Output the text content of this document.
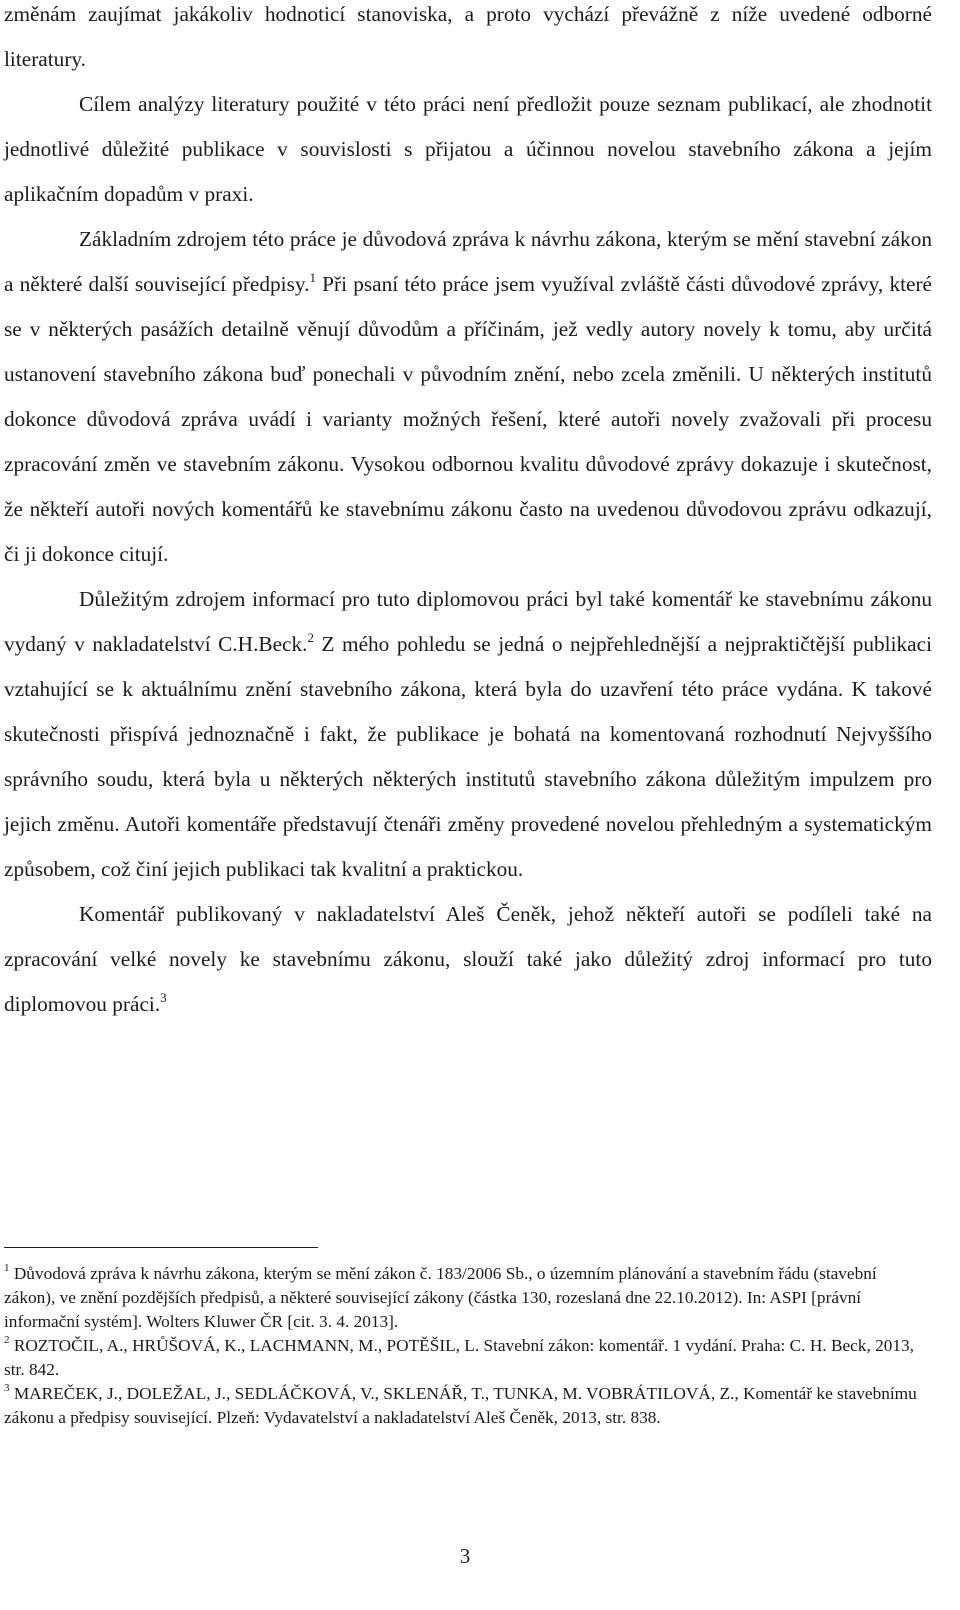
změnám zaujímat jakákoliv hodnoticí stanoviska, a proto vychází převážně z níže uvedené odborné literatury.

Cílem analýzy literatury použité v této práci není předložit pouze seznam publikací, ale zhodnotit jednotlivé důležité publikace v souvislosti s přijatou a účinnou novelou stavebního zákona a jejím aplikačním dopadům v praxi.

Základním zdrojem této práce je důvodová zpráva k návrhu zákona, kterým se mění stavební zákon a některé další související předpisy.$^1$ Při psaní této práce jsem využíval zvláště části důvodové zprávy, které se v některých pasážích detailně věnují důvodům a příčinám, jež vedly autory novely k tomu, aby určitá ustanovení stavebního zákona buď ponechali v původním znění, nebo zcela změnili. U některých institutů dokonce důvodová zpráva uvádí i varianty možných řešení, které autoři novely zvažovali při procesu zpracování změn ve stavebním zákonu. Vysokou odbornou kvalitu důvodové zprávy dokazuje i skutečnost, že někteří autoři nových komentářů ke stavebnímu zákonu často na uvedenou důvodovou zprávu odkazují, či ji dokonce citují.

Důležitým zdrojem informací pro tuto diplomovou práci byl také komentář ke stavebnímu zákonu vydaný v nakladatelství C.H.Beck.$^2$ Z mého pohledu se jedná o nejpřehlednější a nejpraktičtější publikaci vztahující se k aktuálnímu znění stavebního zákona, která byla do uzavření této práce vydána. K takové skutečnosti přispívá jednoznačně i fakt, že publikace je bohatá na komentovaná rozhodnutí Nejvyššího správního soudu, která byla u některých některých institutů stavebního zákona důležitým impulzem pro jejich změnu. Autoři komentáře představují čtenáři změny provedené novelou přehledným a systematickým způsobem, což činí jejich publikaci tak kvalitní a praktickou.

Komentář publikovaný v nakladatelství Aleš Čeněk, jehož někteří autoři se podíleli také na zpracování velké novely ke stavebnímu zákonu, slouží také jako důležitý zdroj informací pro tuto diplomovou práci.$^3$

$^1$ Důvodová zpráva k návrhu zákona, kterým se mění zákon č. 183/2006 Sb., o územním plánování a stavebním řádu (stavební zákon), ve znění pozdějších předpisů, a některé související zákony (částka 130, rozeslaná dne 22.10.2012). In: ASPI [právní informační systém]. Wolters Kluwer ČR [cit. 3. 4. 2013].

$^2$ ROZTOČIL, A., HRŮŠOVÁ, K., LACHMANN, M., POTĚŠIL, L. Stavební zákon: komentář. 1 vydání. Praha: C. H. Beck, 2013, str. 842.

$^3$ MAREČEK, J., DOLEŽAL, J., SEDLÁČKOVÁ, V., SKLENÁŘ, T., TUNKA, M. VOBRÁTILOVÁ, Z., Komentář ke stavebnímu zákonu a předpisy související. Plzeň: Vydavatelství a nakladatelství Aleš Čeněk, 2013, str. 838.

3
